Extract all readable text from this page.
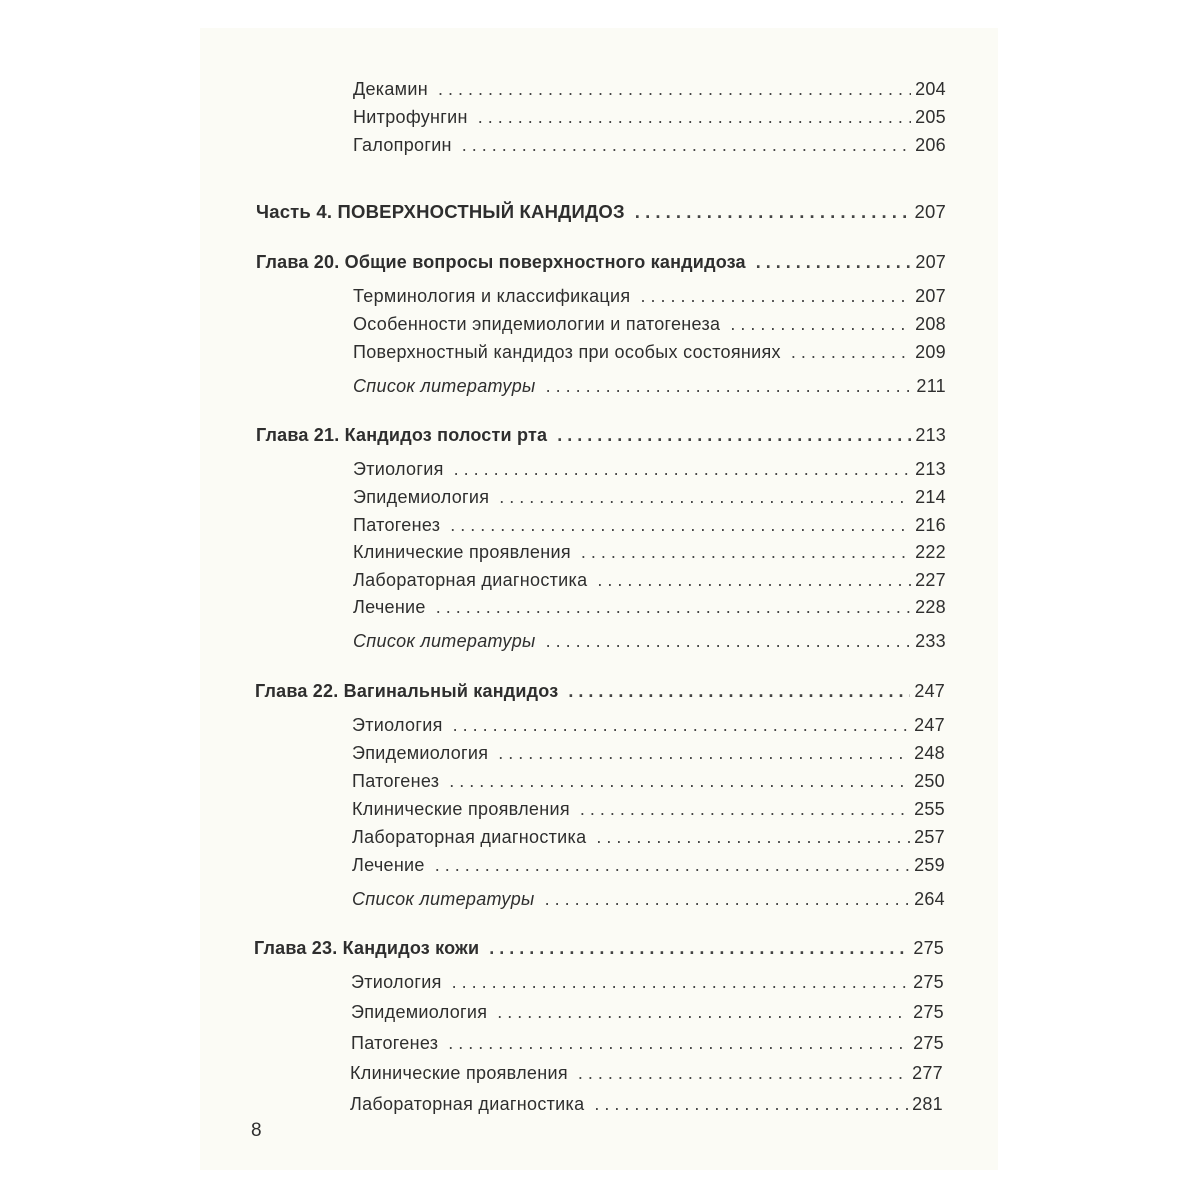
Декамин . . .	204
Нитрофунгин . . .	205
Галопрогин . . .	206
Часть 4. ПОВЕРХНОСТНЫЙ КАНДИДОЗ . . .	207
Глава 20. Общие вопросы поверхностного кандидоза . . .	207
Терминология и классификация . . .	207
Особенности эпидемиологии и патогенеза . . .	208
Поверхностный кандидоз при особых состояниях . . .	209
Список литературы . . .	211
Глава 21. Кандидоз полости рта . . .	213
Этиология . . .	213
Эпидемиология . . .	214
Патогенез . . .	216
Клинические проявления . . .	222
Лабораторная диагностика . . .	227
Лечение . . .	228
Список литературы . . .	233
Глава 22. Вагинальный кандидоз . . .	247
Этиология . . .	247
Эпидемиология . . .	248
Патогенез . . .	250
Клинические проявления . . .	255
Лабораторная диагностика . . .	257
Лечение . . .	259
Список литературы . . .	264
Глава 23. Кандидоз кожи . . .	275
Этиология . . .	275
Эпидемиология . . .	275
Патогенез . . .	275
Клинические проявления . . .	277
Лабораторная диагностика . . .	281
8
